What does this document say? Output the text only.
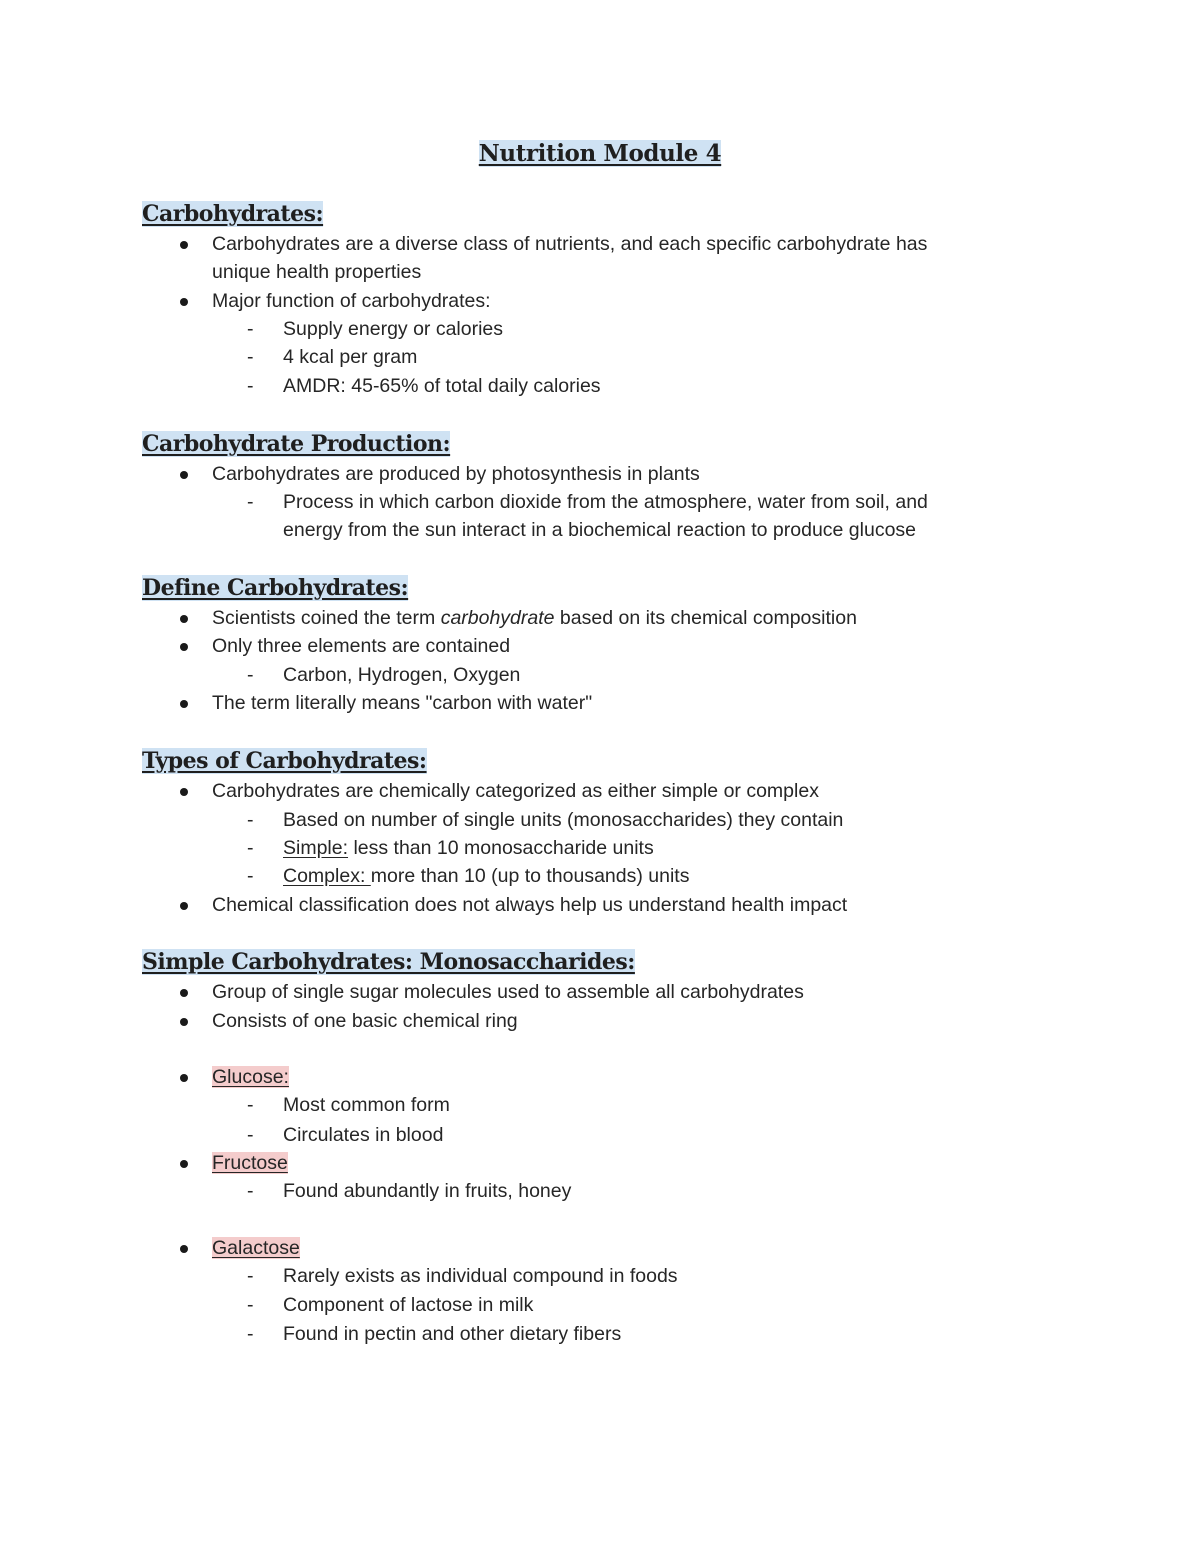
Nutrition Module 4
Carbohydrates:
Carbohydrates are a diverse class of nutrients, and each specific carbohydrate has
unique health properties
Major function of carbohydrates:
- Supply energy or calories
- 4 kcal per gram
- AMDR: 45-65% of total daily calories
Carbohydrate Production:
Carbohydrates are produced by photosynthesis in plants
- Process in which carbon dioxide from the atmosphere, water from soil, and
energy from the sun interact in a biochemical reaction to produce glucose
Define Carbohydrates:
Scientists coined the term carbohydrate based on its chemical composition
Only three elements are contained
- Carbon, Hydrogen, Oxygen
The term literally means "carbon with water"
Types of Carbohydrates:
Carbohydrates are chemically categorized as either simple or complex
- Based on number of single units (monosaccharides) they contain
- Simple: less than 10 monosaccharide units
- Complex: more than 10 (up to thousands) units
Chemical classification does not always help us understand health impact
Simple Carbohydrates: Monosaccharides:
Group of single sugar molecules used to assemble all carbohydrates
Consists of one basic chemical ring
Glucose:
- Most common form
- Circulates in blood
Fructose
- Found abundantly in fruits, honey
Galactose
- Rarely exists as individual compound in foods
- Component of lactose in milk
- Found in pectin and other dietary fibers
